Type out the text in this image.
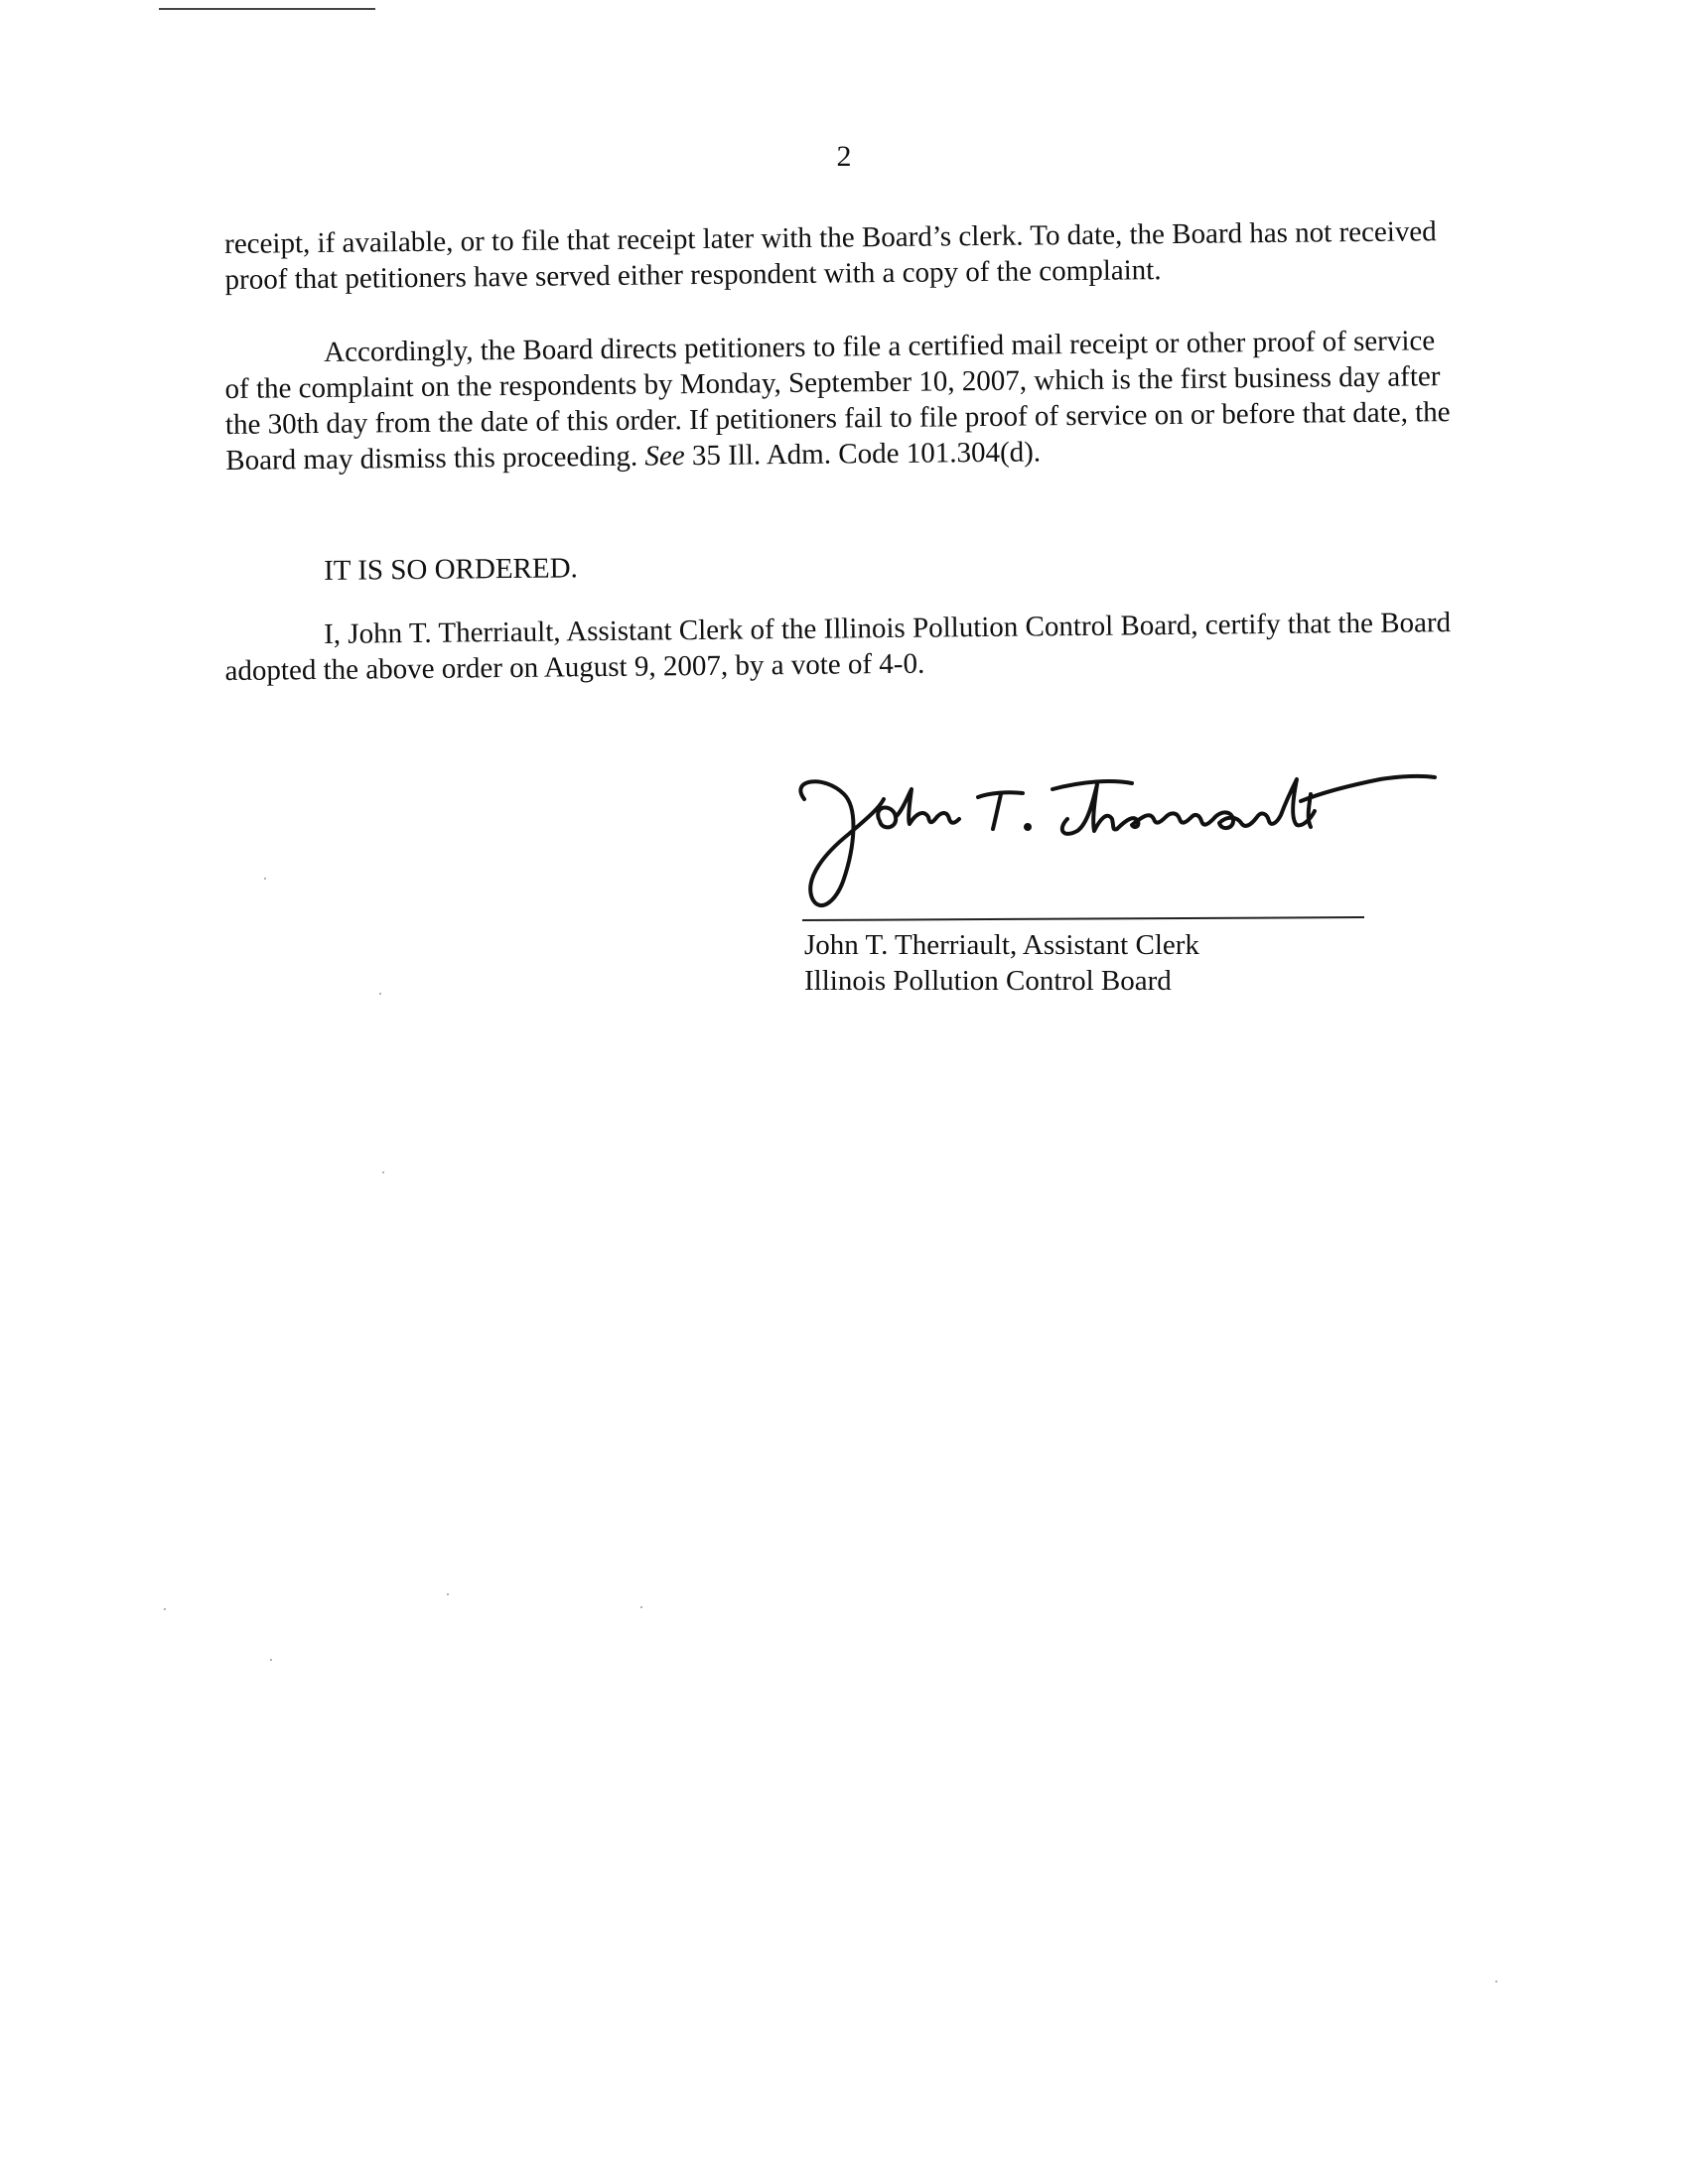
2

receipt, if available, or to file that receipt later with the Board’s clerk. To date, the Board has not received proof that petitioners have served either respondent with a copy of the complaint.

Accordingly, the Board directs petitioners to file a certified mail receipt or other proof of service of the complaint on the respondents by Monday, September 10, 2007, which is the first business day after the 30th day from the date of this order. If petitioners fail to file proof of service on or before that date, the Board may dismiss this proceeding. See 35 Ill. Adm. Code 101.304(d).

IT IS SO ORDERED.

I, John T. Therriault, Assistant Clerk of the Illinois Pollution Control Board, certify that the Board adopted the above order on August 9, 2007, by a vote of 4-0.

John T. Therriault, Assistant Clerk
Illinois Pollution Control Board
